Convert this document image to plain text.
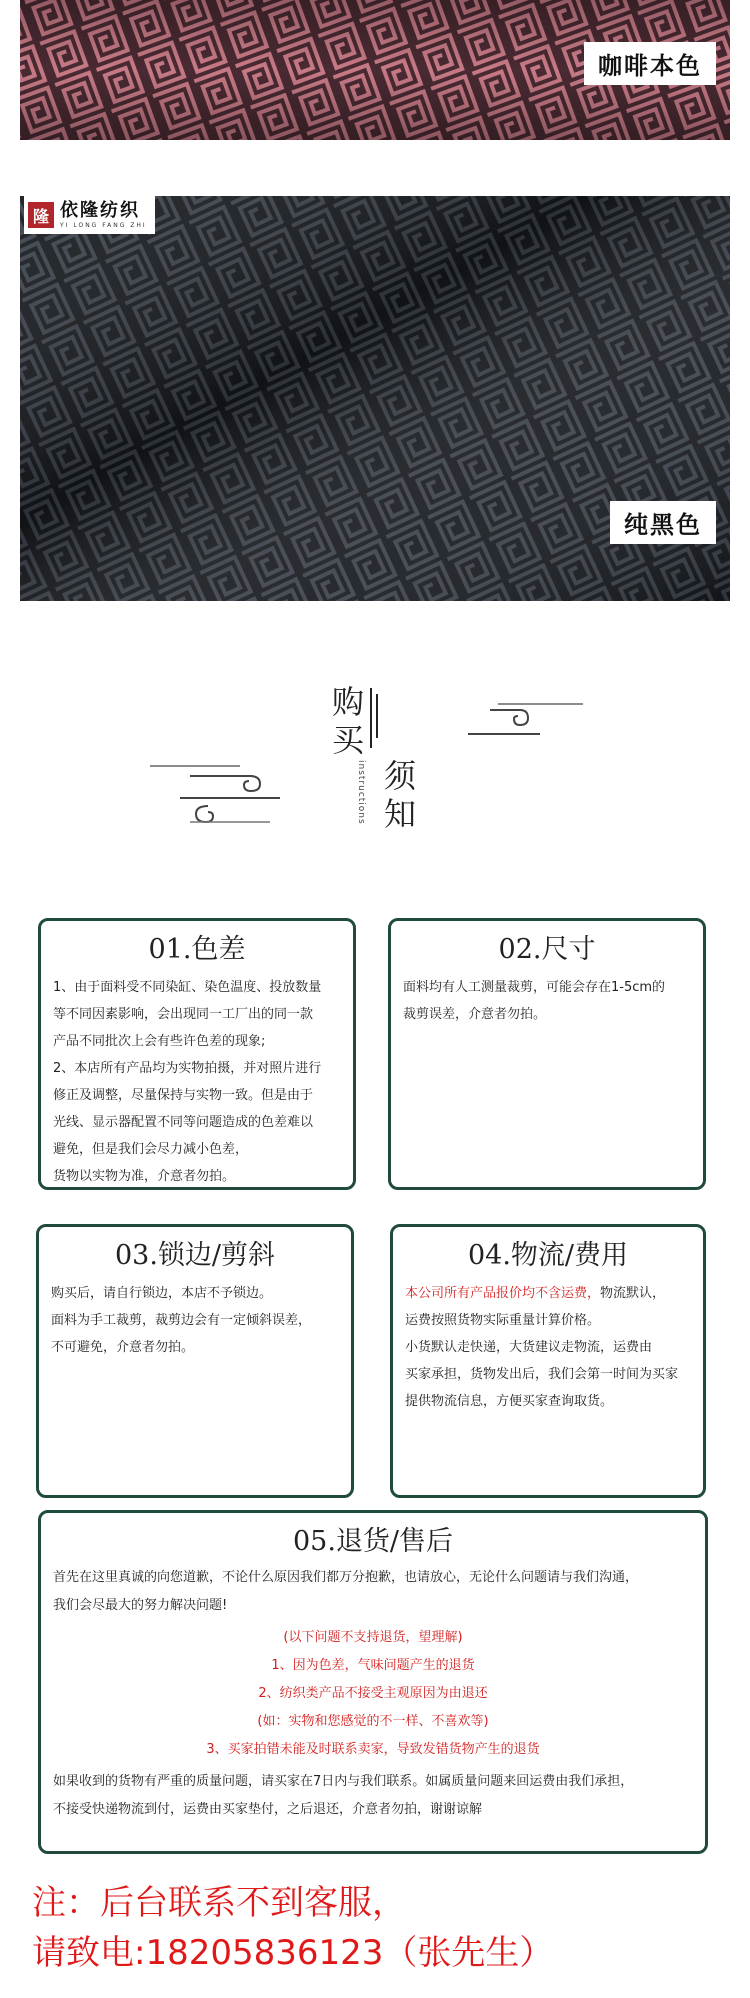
咖啡本色
隆 依隆纺织
YI LONG FANG ZHI
纯黑色
购
买
须
知
instructions
01.色差

1、由于面料受不同染缸、染色温度、投放数量

等不同因素影响，会出现同一工厂出的同一款

产品不同批次上会有些许色差的现象;

2、本店所有产品均为实物拍摄，并对照片进行

修正及调整，尽量保持与实物一致。但是由于

光线、显示器配置不同等问题造成的色差难以

避免，但是我们会尽力减小色差，

货物以实物为准，介意者勿拍。

02.尺寸

面料均有人工测量裁剪，可能会存在1-5cm的

裁剪误差，介意者勿拍。

03.锁边/剪斜

购买后，请自行锁边，本店不予锁边。

面料为手工裁剪，裁剪边会有一定倾斜误差，

不可避免，介意者勿拍。

04.物流/费用

本公司所有产品报价均不含运费，物流默认，

运费按照货物实际重量计算价格。

小货默认走快递，大货建议走物流，运费由

买家承担，货物发出后，我们会第一时间为买家

提供物流信息，方便买家查询取货。

05.退货/售后

首先在这里真诚的向您道歉，不论什么原因我们都万分抱歉，也请放心，无论什么问题请与我们沟通，

我们会尽最大的努力解决问题!

(以下问题不支持退货，望理解)

1、因为色差，气味问题产生的退货

2、纺织类产品不接受主观原因为由退还

(如：实物和您感觉的不一样、不喜欢等)

3、买家拍错未能及时联系卖家，导致发错货物产生的退货

如果收到的货物有严重的质量问题，请买家在7日内与我们联系。如属质量问题来回运费由我们承担，

不接受快递物流到付，运费由买家垫付，之后退还，介意者勿拍，谢谢谅解

注：后台联系不到客服，
请致电:18205836123（张先生）
